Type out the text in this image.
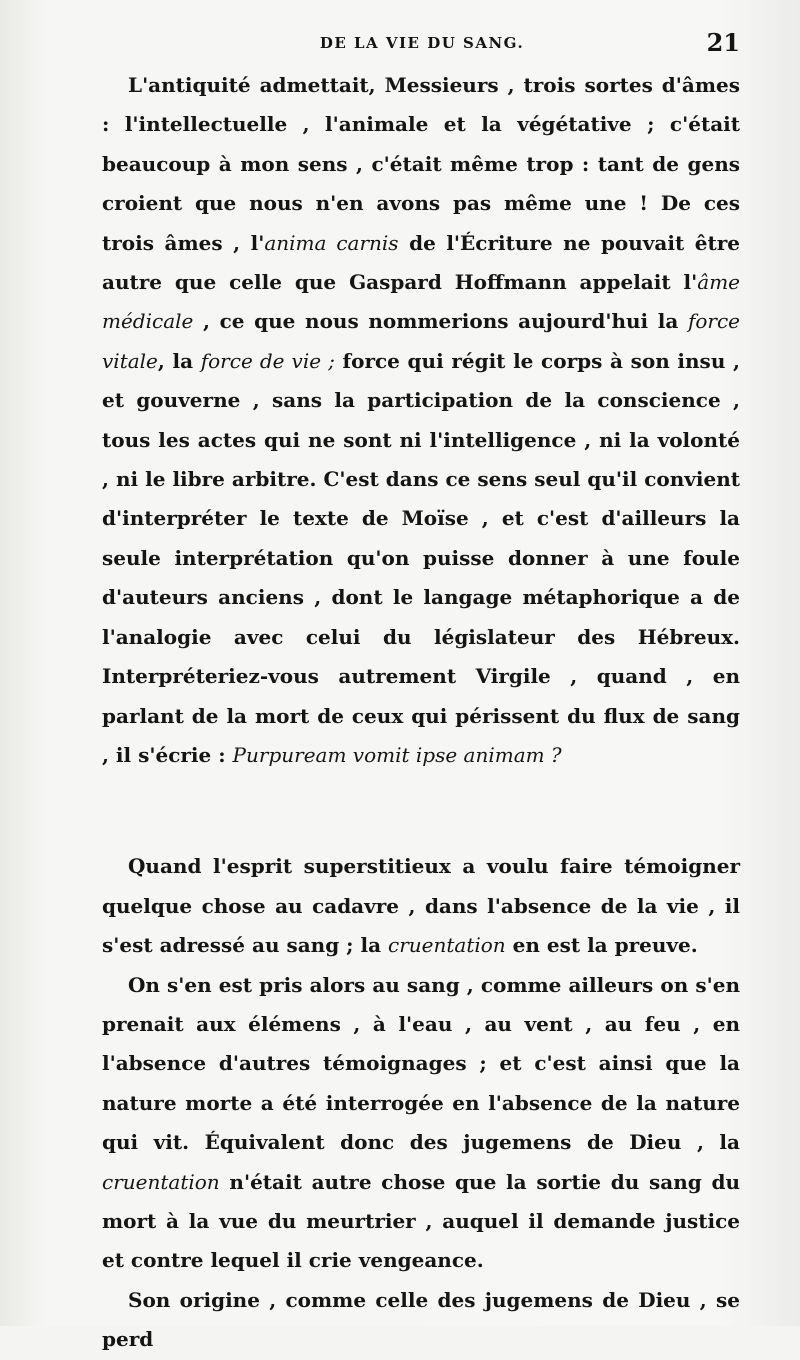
DE LA VIE DU SANG.	21

L'antiquité admettait, Messieurs , trois sortes d'âmes : l'intellectuelle , l'animale et la végétative ; c'était beaucoup à mon sens , c'était même trop : tant de gens croient que nous n'en avons pas même une ! De ces trois âmes , l'anima carnis de l'Écriture ne pouvait être autre que celle que Gaspard Hoffmann appelait l'âme médicale , ce que nous nommerions aujourd'hui la force vitale, la force de vie ; force qui régit le corps à son insu , et gouverne , sans la participation de la conscience , tous les actes qui ne sont ni l'intelligence , ni la volonté , ni le libre arbitre. C'est dans ce sens seul qu'il convient d'interpréter le texte de Moïse , et c'est d'ailleurs la seule interprétation qu'on puisse donner à une foule d'auteurs anciens , dont le langage métaphorique a de l'analogie avec celui du législateur des Hébreux. Interpréteriez-vous autrement Virgile , quand , en parlant de la mort de ceux qui périssent du flux de sang , il s'écrie : Purpuream vomit ipse animam ?

Quand l'esprit superstitieux a voulu faire témoigner quelque chose au cadavre , dans l'absence de la vie , il s'est adressé au sang ; la cruentation en est la preuve.

On s'en est pris alors au sang , comme ailleurs on s'en prenait aux élémens , à l'eau , au vent , au feu , en l'absence d'autres témoignages ; et c'est ainsi que la nature morte a été interrogée en l'absence de la nature qui vit. Équivalent donc des jugemens de Dieu , la cruentation n'était autre chose que la sortie du sang du mort à la vue du meurtrier , auquel il demande justice et contre lequel il crie vengeance.

Son origine , comme celle des jugemens de Dieu , se perd
